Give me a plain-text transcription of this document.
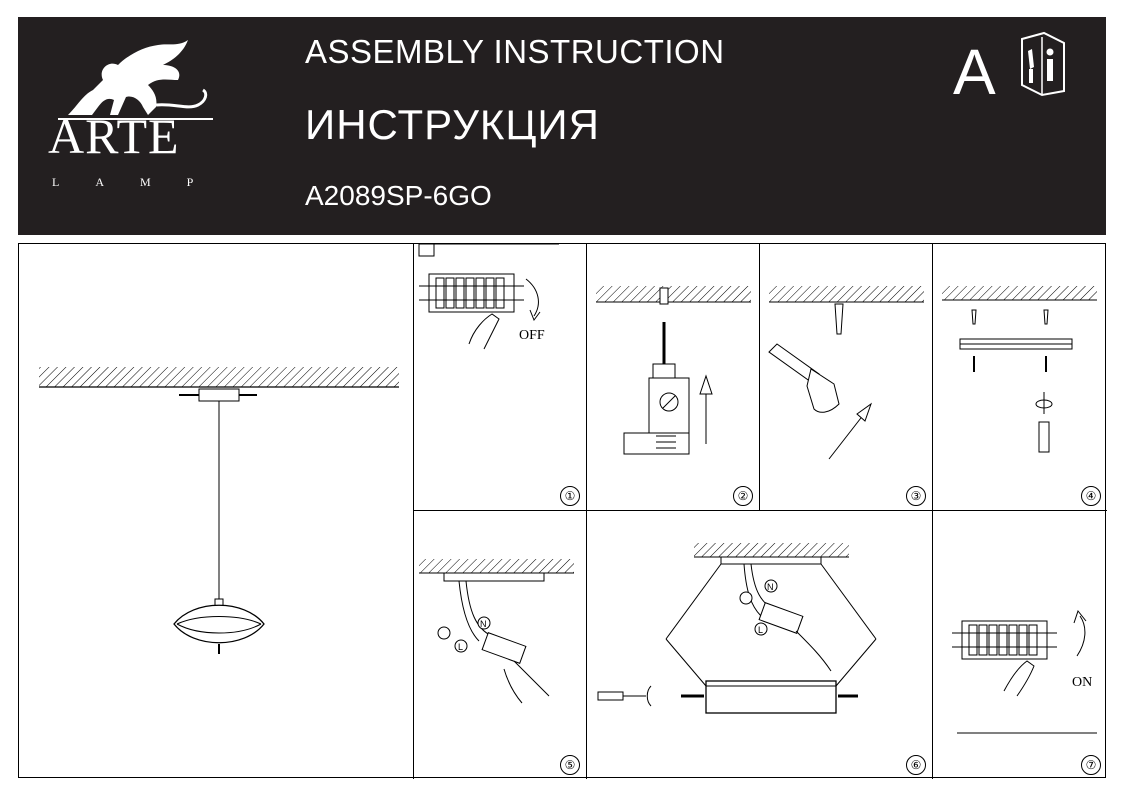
ARTE
LAMP
ASSEMBLY INSTRUCTION
ИНСТРУКЦИЯ
A2089SP-6GO
A
OFF
①	②	③	④
N
L
⑤
N
L
⑥
ON
⑦
